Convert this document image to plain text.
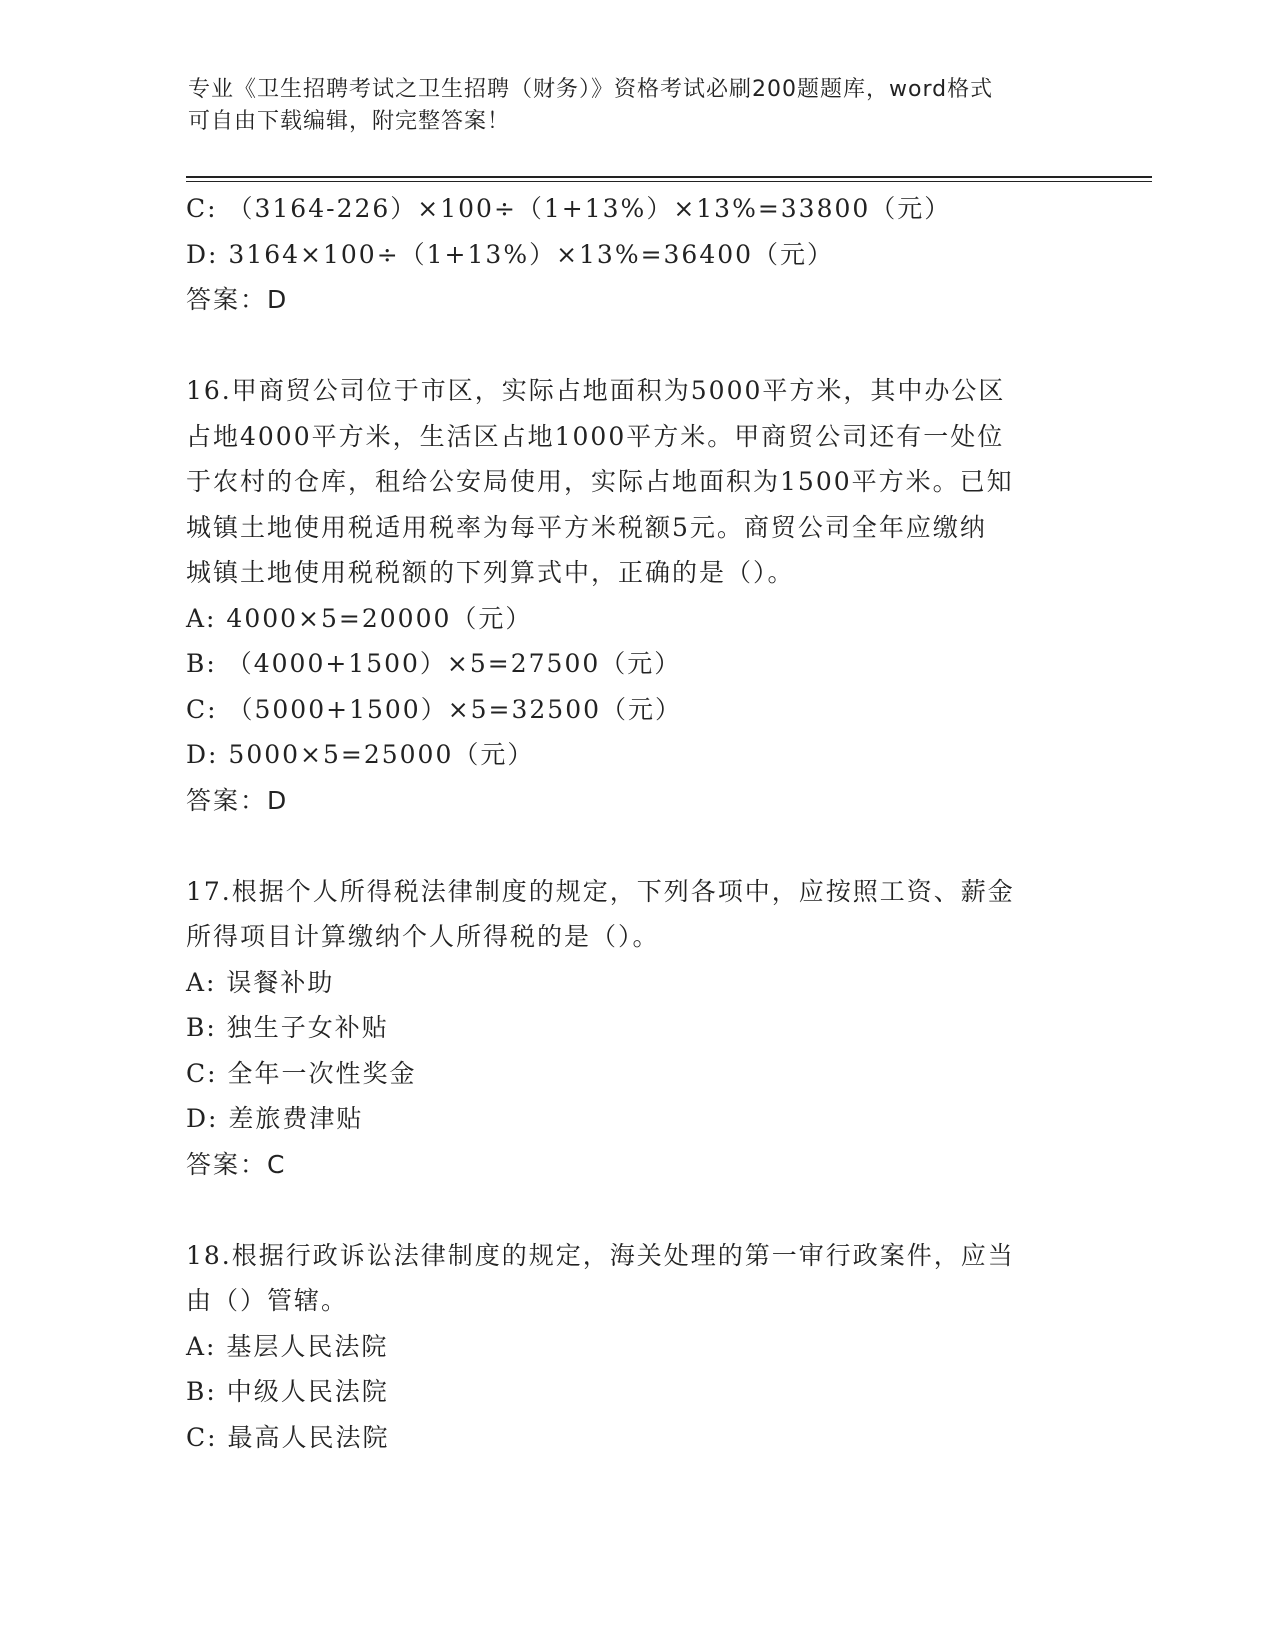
专业《卫生招聘考试之卫生招聘（财务）》资格考试必刷200题题库，word格式
可自由下载编辑，附完整答案！
C: （3164-226）×100÷（1+13%）×13%=33800（元）
D: 3164×100÷（1+13%）×13%=36400（元）
答案：D
16.甲商贸公司位于市区，实际占地面积为5000平方米，其中办公区
占地4000平方米，生活区占地1000平方米。甲商贸公司还有一处位
于农村的仓库，租给公安局使用，实际占地面积为1500平方米。已知
城镇土地使用税适用税率为每平方米税额5元。商贸公司全年应缴纳
城镇土地使用税税额的下列算式中，正确的是（）。
A: 4000×5=20000（元）
B: （4000+1500）×5=27500（元）
C: （5000+1500）×5=32500（元）
D: 5000×5=25000（元）
答案：D
17.根据个人所得税法律制度的规定，下列各项中，应按照工资、薪金
所得项目计算缴纳个人所得税的是（）。
A: 误餐补助
B: 独生子女补贴
C: 全年一次性奖金
D: 差旅费津贴
答案：C
18.根据行政诉讼法律制度的规定，海关处理的第一审行政案件，应当
由（）管辖。
A: 基层人民法院
B: 中级人民法院
C: 最高人民法院
